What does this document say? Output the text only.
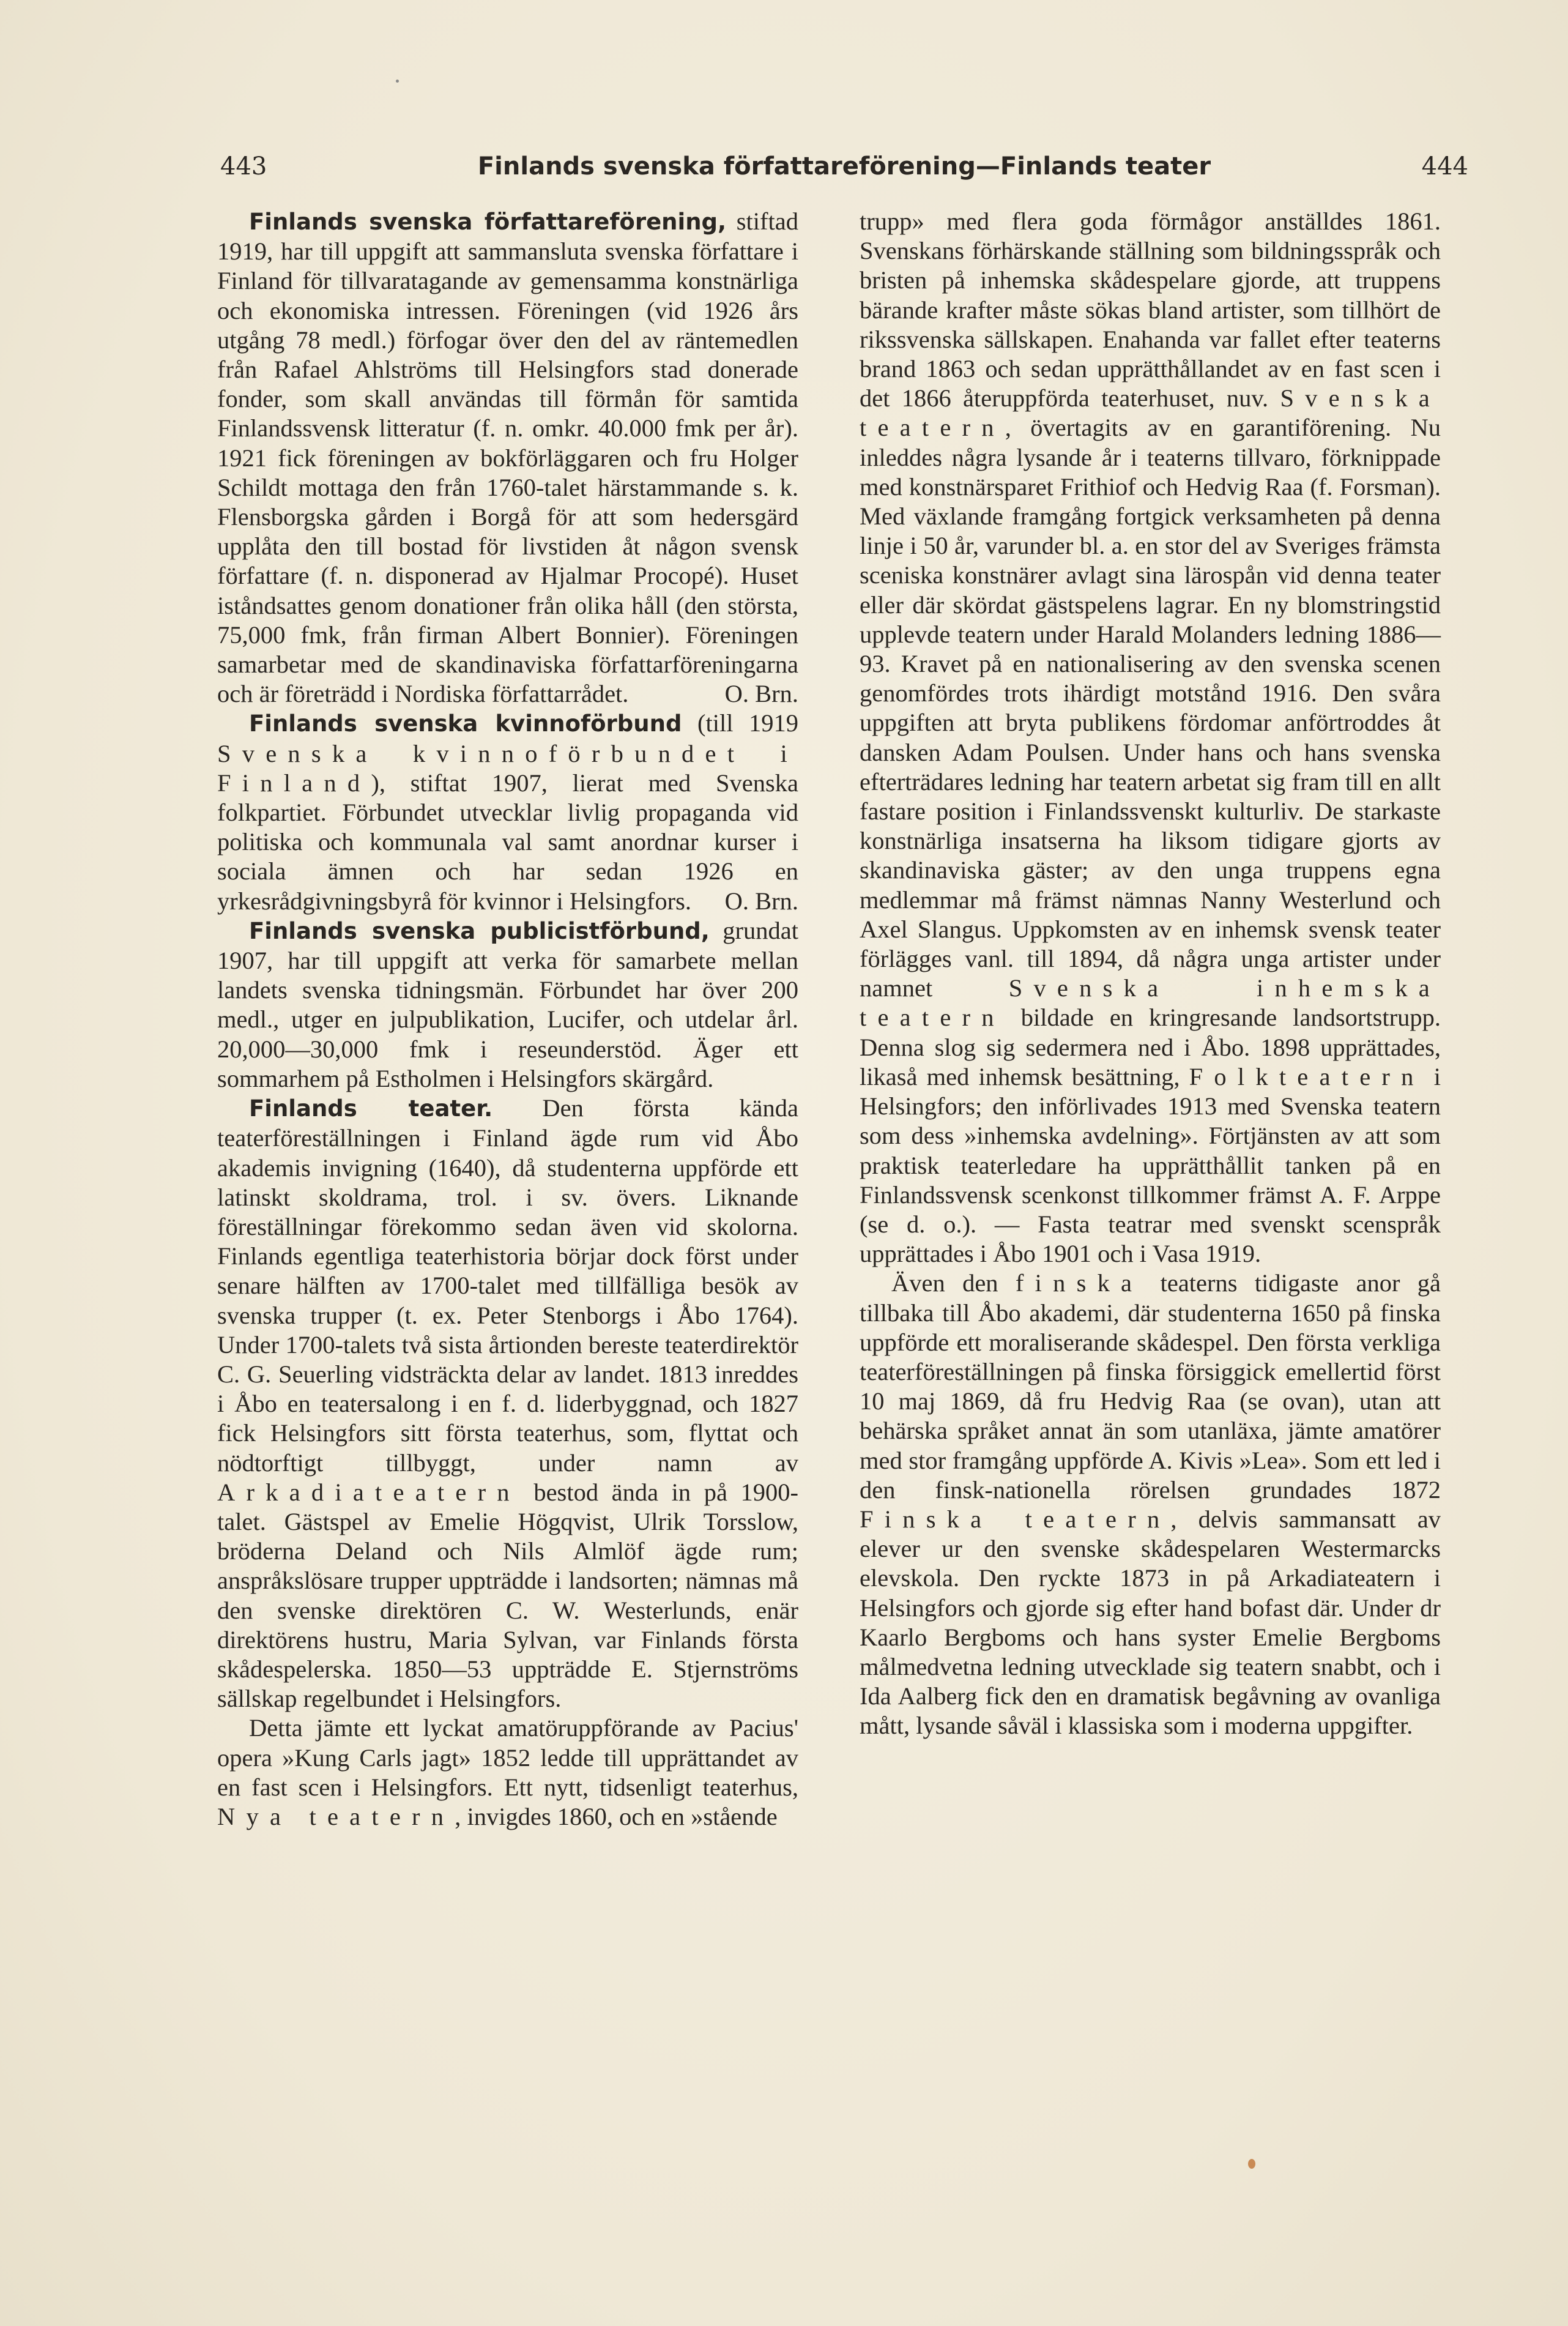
443	Finlands svenska författareförening—Finlands teater	444

Finlands svenska författareförening, stiftad 1919, har till uppgift att sammansluta svenska författare i Finland för tillvaratagande av gemensamma konstnärliga och ekonomiska intressen. Föreningen (vid 1926 års utgång 78 medl.) förfogar över den del av räntemedlen från Rafael Ahlströms till Helsingfors stad donerade fonder, som skall användas till förmån för samtida Finlandssvensk litteratur (f. n. omkr. 40.000 fmk per år). 1921 fick föreningen av bokförläggaren och fru Holger Schildt mottaga den från 1760-talet härstammande s. k. Flensborgska gården i Borgå för att som hedersgärd upplåta den till bostad för livstiden åt någon svensk författare (f. n. disponerad av Hjalmar Procopé). Huset iståndsattes genom donationer från olika håll (den största, 75,000 fmk, från firman Albert Bonnier). Föreningen samarbetar med de skandinaviska författarföreningarna och är företrädd i Nordiska författarrådet.	O. Brn.

Finlands svenska kvinnoförbund (till 1919 Svenska kvinnoförbundet i Finland), stiftat 1907, lierat med Svenska folkpartiet. Förbundet utvecklar livlig propaganda vid politiska och kommunala val samt anordnar kurser i sociala ämnen och har sedan 1926 en yrkesrådgivningsbyrå för kvinnor i Helsingfors. O. Brn.

Finlands svenska publicistförbund, grundat 1907, har till uppgift att verka för samarbete mellan landets svenska tidningsmän. Förbundet har över 200 medl., utger en julpublikation, Lucifer, och utdelar årl. 20,000—30,000 fmk i reseunderstöd. Äger ett sommarhem på Estholmen i Helsingfors skärgård.

Finlands teater. Den första kända teaterföreställningen i Finland ägde rum vid Åbo akademis invigning (1640), då studenterna uppförde ett latinskt skoldrama, trol. i sv. övers. Liknande föreställningar förekommo sedan även vid skolorna. Finlands egentliga teaterhistoria börjar dock först under senare hälften av 1700-talet med tillfälliga besök av svenska trupper (t. ex. Peter Stenborgs i Åbo 1764). Under 1700-talets två sista årtionden bereste teaterdirektör C. G. Seuerling vidsträckta delar av landet. 1813 inreddes i Åbo en teatersalong i en f. d. liderbyggnad, och 1827 fick Helsingfors sitt första teaterhus, som, flyttat och nödtorftigt tillbyggt, under namn av Arkadiateatern bestod ända in på 1900-talet. Gästspel av Emelie Högqvist, Ulrik Torsslow, bröderna Deland och Nils Almlöf ägde rum; anspråkslösare trupper uppträdde i landsorten; nämnas må den svenske direktören C. W. Westerlunds, enär direktörens hustru, Maria Sylvan, var Finlands första skådespelerska. 1850—53 uppträdde E. Stjernströms sällskap regelbundet i Helsingfors.

Detta jämte ett lyckat amatöruppförande av Pacius' opera »Kung Carls jagt» 1852 ledde till upprättandet av en fast scen i Helsingfors. Ett nytt, tidsenligt teaterhus, Nya teatern, invigdes 1860, och en »stående

trupp» med flera goda förmågor anställdes 1861. Svenskans förhärskande ställning som bildningsspråk och bristen på inhemska skådespelare gjorde, att truppens bärande krafter måste sökas bland artister, som tillhört de rikssvenska sällskapen. Enahanda var fallet efter teaterns brand 1863 och sedan upprätthållandet av en fast scen i det 1866 återuppförda teaterhuset, nuv. Svenska teatern, övertagits av en garantiförening. Nu inleddes några lysande år i teaterns tillvaro, förknippade med konstnärsparet Frithiof och Hedvig Raa (f. Forsman). Med växlande framgång fortgick verksamheten på denna linje i 50 år, varunder bl. a. en stor del av Sveriges främsta sceniska konstnärer avlagt sina lärospån vid denna teater eller där skördat gästspelens lagrar. En ny blomstringstid upplevde teatern under Harald Molanders ledning 1886—93. Kravet på en nationalisering av den svenska scenen genomfördes trots ihärdigt motstånd 1916. Den svåra uppgiften att bryta publikens fördomar anförtroddes åt dansken Adam Poulsen. Under hans och hans svenska efterträdares ledning har teatern arbetat sig fram till en allt fastare position i Finlandssvenskt kulturliv. De starkaste konstnärliga insatserna ha liksom tidigare gjorts av skandinaviska gäster; av den unga truppens egna medlemmar må främst nämnas Nanny Westerlund och Axel Slangus. Uppkomsten av en inhemsk svensk teater förlägges vanl. till 1894, då några unga artister under namnet Svenska inhemska teatern bildade en kringresande landsortstrupp. Denna slog sig sedermera ned i Åbo. 1898 upprättades, likaså med inhemsk besättning, Folkteatern i Helsingfors; den införlivades 1913 med Svenska teatern som dess »inhemska avdelning». Förtjänsten av att som praktisk teaterledare ha upprätthållit tanken på en Finlandssvensk scenkonst tillkommer främst A. F. Arppe (se d. o.). — Fasta teatrar med svenskt scenspråk upprättades i Åbo 1901 och i Vasa 1919.

Även den finska teaterns tidigaste anor gå tillbaka till Åbo akademi, där studenterna 1650 på finska uppförde ett moraliserande skådespel. Den första verkliga teaterföreställningen på finska försiggick emellertid först 10 maj 1869, då fru Hedvig Raa (se ovan), utan att behärska språket annat än som utanläxa, jämte amatörer med stor framgång uppförde A. Kivis »Lea». Som ett led i den finsk-nationella rörelsen grundades 1872 Finska teatern, delvis sammansatt av elever ur den svenske skådespelaren Westermarcks elevskola. Den ryckte 1873 in på Arkadiateatern i Helsingfors och gjorde sig efter hand bofast där. Under dr Kaarlo Bergboms och hans syster Emelie Bergboms målmedvetna ledning utvecklade sig teatern snabbt, och i Ida Aalberg fick den en dramatisk begåvning av ovanliga mått, lysande såväl i klassiska som i moderna uppgifter.
